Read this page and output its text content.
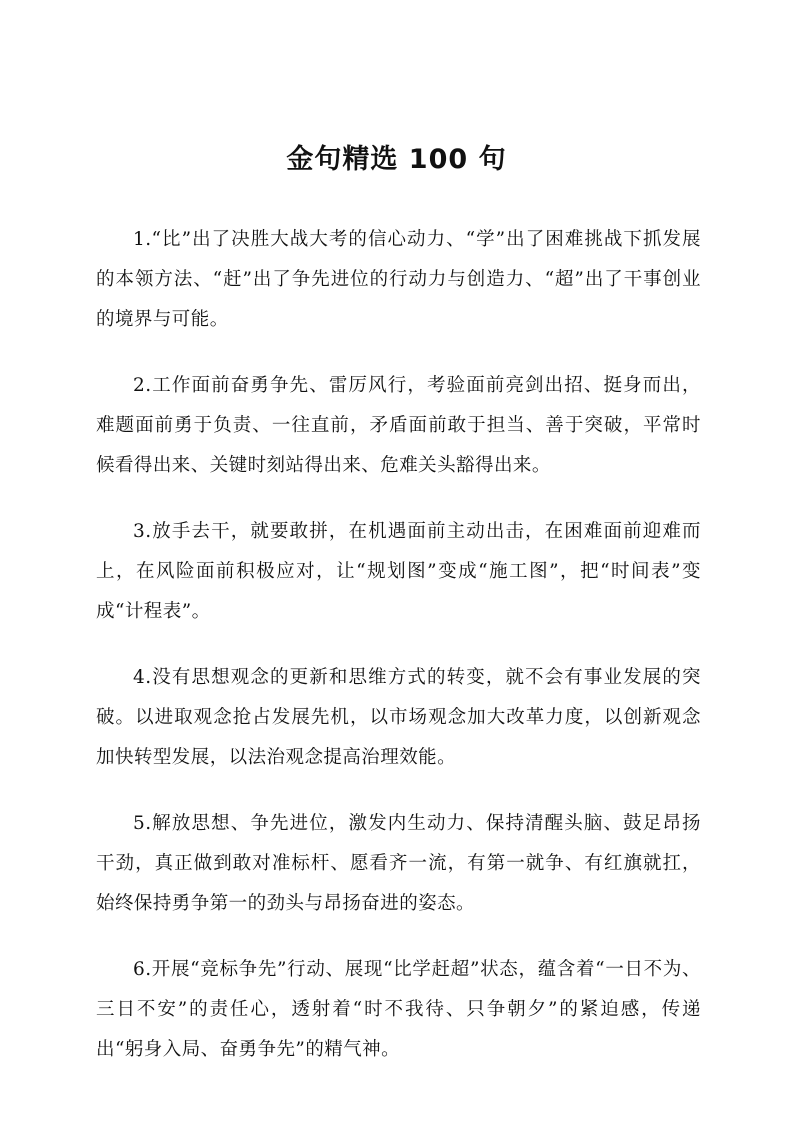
金句精选 100 句

1.“比”出了决胜大战大考的信心动力、“学”出了困难挑战下抓发展的本领方法、“赶”出了争先进位的行动力与创造力、“超”出了干事创业的境界与可能。

2.工作面前奋勇争先、雷厉风行，考验面前亮剑出招、挺身而出，难题面前勇于负责、一往直前，矛盾面前敢于担当、善于突破，平常时候看得出来、关键时刻站得出来、危难关头豁得出来。

3.放手去干，就要敢拼，在机遇面前主动出击，在困难面前迎难而上，在风险面前积极应对，让“规划图”变成“施工图”，把“时间表”变成“计程表”。

4.没有思想观念的更新和思维方式的转变，就不会有事业发展的突破。以进取观念抢占发展先机，以市场观念加大改革力度，以创新观念加快转型发展，以法治观念提高治理效能。

5.解放思想、争先进位，激发内生动力、保持清醒头脑、鼓足昂扬干劲，真正做到敢对准标杆、愿看齐一流，有第一就争、有红旗就扛，始终保持勇争第一的劲头与昂扬奋进的姿态。

6.开展“竞标争先”行动、展现“比学赶超”状态，蕴含着“一日不为、三日不安”的责任心，透射着“时不我待、只争朝夕”的紧迫感，传递出“躬身入局、奋勇争先”的精气神。
